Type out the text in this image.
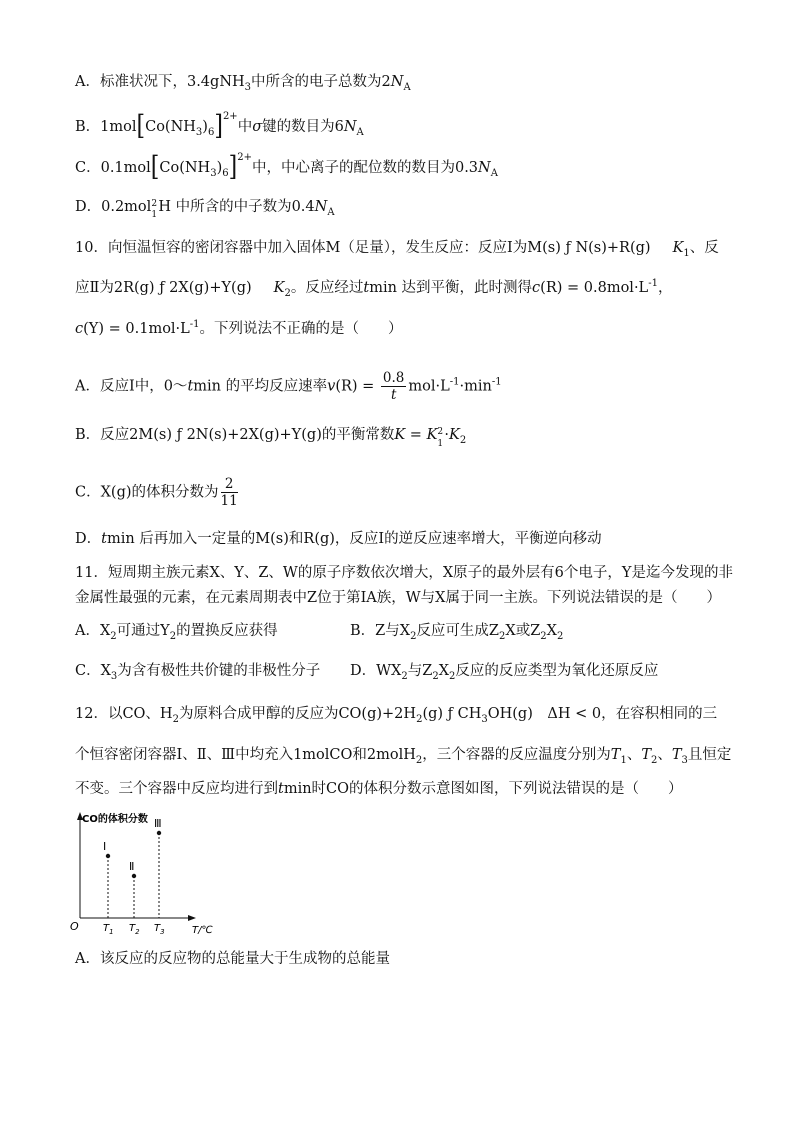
A．标准状况下，3.4gNH$_3$中所含的电子总数为$2N_A$
B．$1mol[Co(NH_3)_6]^{2+}$中σ键的数目为$6N_A$
C．$0.1mol[Co(NH_3)_6]^{2+}$中，中心离子的配位数的数目为$0.3N_A$
D．0.2mol 2
1 H 中所含的中子数为$0.4N_A$
10．向恒温恒容的密闭容器中加入固体M（足量），发生反应：反应Ⅰ为M(s) ƒ N(s)+R(g) $K_1$、反
应Ⅱ为2R(g) ƒ 2X(g)+Y(g) $K_2$。反应经过tmin 达到平衡，此时测得$c(R) = 0.8mol\cdot L^{-1}$，
$c(Y) = 0.1mol\cdot L^{-1}$。下列说法不正确的是（　　）
A．反应Ⅰ中，0～tmin 的平均反应速率$v(R) = \frac{0.8}{t} mol\cdot L^{-1}\cdot\min^{-1}$
B．反应2M(s) ƒ 2N(s)+2X(g)+Y(g)的平衡常数K = K 2
1
$\cdot K_2$
C．X(g)的体积分数为 $\frac{2}{11}$
D．tmin 后再加入一定量的M(s)和R(g)，反应Ⅰ的逆反应速率增大，平衡逆向移动
11．短周期主族元素X、Y、Z、W的原子序数依次增大，X原子的最外层有6个电子，Y是迄今发现的非
金属性最强的元素，在元素周期表中Z位于第ⅠA族，W与X属于同一主族。下列说法错误的是（　　）
A．$X_2$可通过$Y_2$的置换反应获得	B．Z与$X_2$反应可生成$Z_2X$或$Z_2X_2$
C．$X_3$为含有极性共价键的非极性分子 D．$WX_2$与$Z_2X_2$反应的反应类型为氧化还原反应
12．以CO、$H_2$为原料合成甲醇的反应为$CO(g)+2H_2(g)$ ƒ $CH_3OH(g)$　ΔH < 0，在容积相同的三
个恒容密闭容器Ⅰ、Ⅱ、Ⅲ中均充入1molCO和2molH$_2$，三个容器的反应温度分别为$T_1$、$T_2$、$T_3$且恒定
不变。三个容器中反应均进行到tmin时CO的体积分数示意图如图，下列说法错误的是（　　）
CO的体积分数
O	T/℃
Ⅰ
$T_1$
Ⅱ
$T_2$
Ⅲ
$T_3$
A．该反应的反应物的总能量大于生成物的总能量
